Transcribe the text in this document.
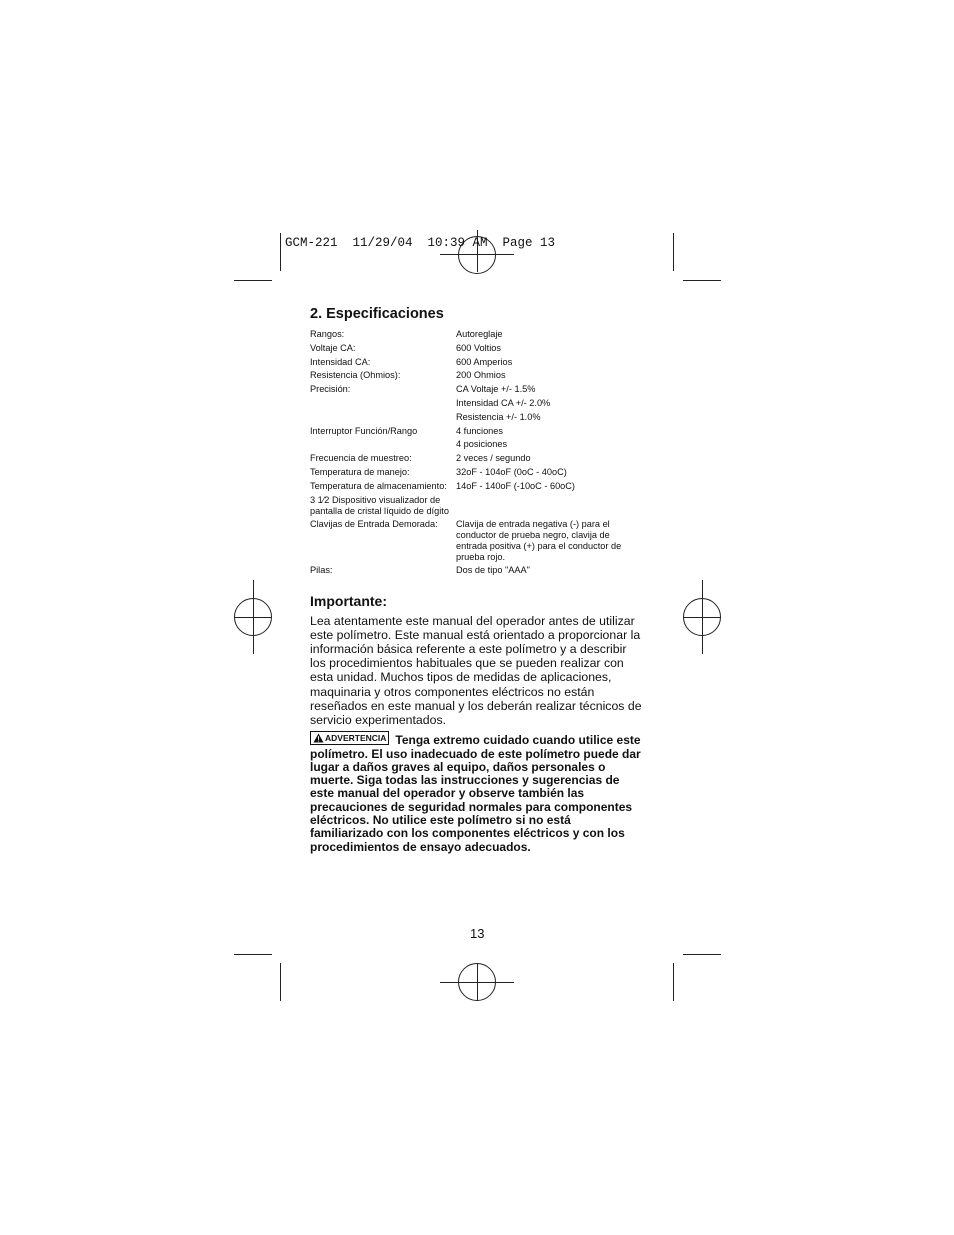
GCM-221  11/29/04  10:39 AM  Page 13
2. Especificaciones
Rangos:	Autoreglaje
Voltaje CA:	600 Voltios
Intensidad CA:	600 Amperios
Resistencia (Ohmios):	200 Ohmios
Precisión:	CA Voltaje +/- 1.5%
Intensidad CA +/- 2.0%
Resistencia +/- 1.0%
Interruptor Función/Rango	4 funciones
4 posiciones
Frecuencia de muestreo:	2 veces / segundo
Temperatura de manejo:	32oF - 104oF (0oC - 40oC)
Temperatura de almacenamiento: 14oF - 140oF (-10oC - 60oC)
3 1⁄2 Dispositivo visualizador de pantalla de cristal líquido de dígito
Clavijas de Entrada Demorada:	Clavija de entrada negativa (-) para el conductor de prueba negro, clavija de entrada positiva (+) para el conductor de prueba rojo.
Pilas:	Dos de tipo "AAA"
Importante:
Lea atentamente este manual del operador antes de utilizar este polímetro. Este manual está orientado a proporcionar la información básica referente a este polímetro y a describir los procedimientos habituales que se pueden realizar con esta unidad. Muchos tipos de medidas de aplicaciones, maquinaria y otros componentes eléctricos no están reseñados en este manual y los deberán realizar técnicos de servicio experimentados.
ADVERTENCIA Tenga extremo cuidado cuando utilice este polímetro. El uso inadecuado de este polímetro puede dar lugar a daños graves al equipo, daños personales o muerte. Siga todas las instrucciones y sugerencias de este manual del operador y observe también las precauciones de seguridad normales para componentes eléctricos. No utilice este polímetro si no está familiarizado con los componentes eléctricos y con los procedimientos de ensayo adecuados.
13
